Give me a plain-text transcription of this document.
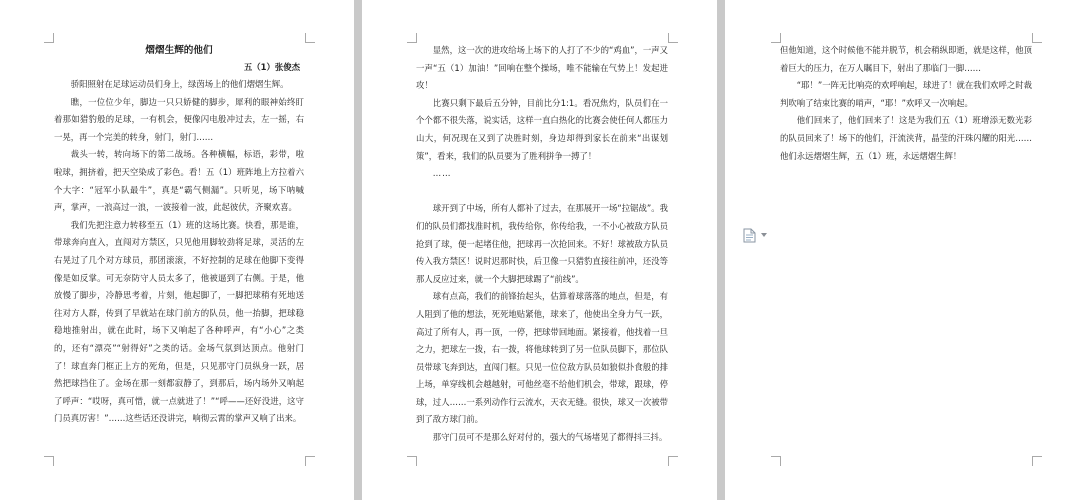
熠熠生辉的他们
五（1）张俊杰

骄阳照射在足球运动员们身上，绿茵场上的他们熠熠生辉。

瞧，一位位少年，脚边一只只娇健的脚步，犀利的眼神始终盯着那如猎豹般的足球，一有机会，便像闪电般冲过去，左一摇，右一晃，再一个完美的转身，射门，射门……

裁头一转，转向场下的第二战场。各种横幅，标语，彩带，啦啦球，拥挤着，把天空染成了彩色。看！五（1）班阵地上方拉着六个大字：“冠军小队最牛”，真是“霸气侧漏”。只听见，场下呐喊声，掌声，一浪高过一浪，一波接着一波，此起彼伏，齐聚欢喜。

我们先把注意力转移至五（1）班的这场比赛。快看，那是谁，带球奔向直入，直闯对方禁区，只见他用脚较劲将足球，灵活的左右晃过了几个对方球员，那团滚滚，不好控制的足球在他脚下变得像是如反掌。可无奈防守人员太多了，他被逼到了右侧。于是，他放慢了脚步，冷静思考着，片刻，他起脚了，一脚把球稍有死地送往对方人群，传到了早就站在球门前方的队员，他一抬脚，把球稳稳地推射出，就在此时，场下又响起了各种呼声，有“小心”之类的，还有“漂亮”“射得好”之类的话。金场气氛到达顶点。他射门了！球直奔门框正上方的死角，但是，只见那守门员纵身一跃，居然把球挡住了。金场在那一刻都寂静了，到那后，场内场外又响起了呼声：“哎呀，真可惜，就一点就进了！”“呼——还好没进，这守门员真厉害！”……这些话还没讲完，响彻云霄的掌声又响了出来。

显然，这一次的进攻给场上场下的人打了不少的“鸡血”，一声又一声“五（1）加油！”回响在整个操场，唯不能输在气势上！发起进攻！

比赛只剩下最后五分钟，目前比分1:1。看况焦灼，队员们在一个个都不很失落，说实话，这样一直白热化的比赛会使任何人都压力山大，何况现在又到了决胜时刻，身边却得到家长在前来“出谋划策”，看来，我们的队员要为了胜利拼争一搏了！

……

球开到了中场，所有人都补了过去，在那展开一场“拉锯战”。我们的队员们都找准时机，我传给你，你传给我，一不小心被敌方队员抢到了球，便一起堵住他，把球再一次抢回来。不好！球被敌方队员传入我方禁区！说时迟那时快，后卫像一只猎豹直接往前冲，还没等那人反应过来，就一个大脚把球踢了“前线”。

球有点高，我们的前锋抬起头，估算着球落落的地点，但是，有人阻到了他的想法，死死地贴紧他，球来了，他使出全身力气一跃，高过了所有人，再一顶，一停，把球带回地面。紧接着，他找着一旦之力，把球左一拨，右一拨，将他球转到了另一位队员脚下，那位队员带球飞奔到达，直闯门框。只见一位位敌方队员如狼似扑食般的排上场，单穿线机会越越射，可他丝毫不给他们机会，带球，跟球，停球，过人……一系列动作行云流水，天衣无缝。很快，球又一次被带到了敌方球门前。

那守门员可不是那么好对付的，强大的气场堵见了都得抖三抖。

但他知道，这个时候他不能并脱节，机会稍纵即逝，就是这样，他顶着巨大的压力，在万人瞩目下，射出了那临门一脚……

“耶！”一阵无比响亮的欢呼响起，球进了！就在我们欢呼之时裁判吹响了结束比赛的哨声，“耶！”欢呼又一次响起。

他们回来了，他们回来了！这是为我们五（1）班增添无数光彩的队员回来了！场下的他们，汗流浃背，晶莹的汗珠闪耀的阳光……他们永远熠熠生辉，五（1）班，永远熠熠生辉！
